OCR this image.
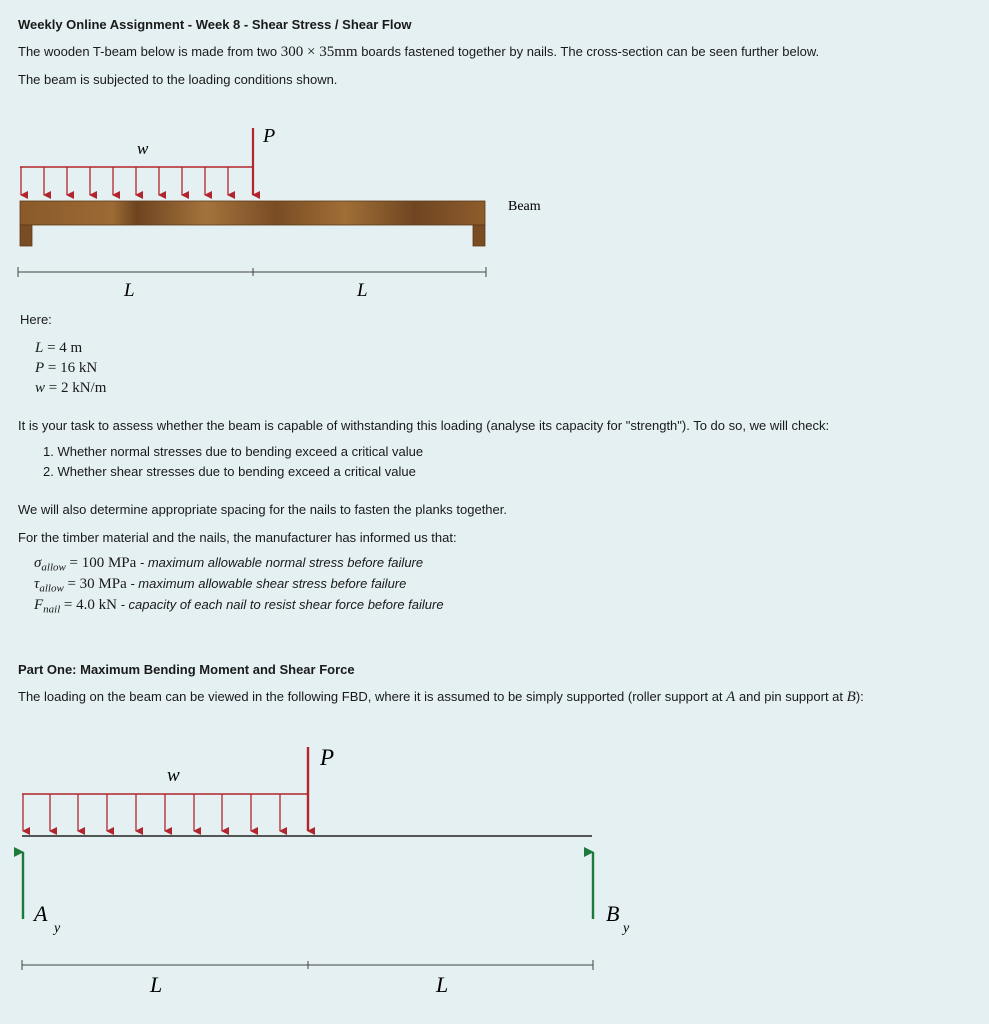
Weekly Online Assignment - Week 8 - Shear Stress / Shear Flow
The wooden T-beam below is made from two 300 × 35mm boards fastened together by nails. The cross-section can be seen further below.
The beam is subjected to the loading conditions shown.
w
P
Beam
L	L
Here:
L = 4 m
P = 16 kN
w = 2 kN/m
It is your task to assess whether the beam is capable of withstanding this loading (analyse its capacity for "strength"). To do so, we will check:
1. Whether normal stresses due to bending exceed a critical value
2. Whether shear stresses due to bending exceed a critical value
We will also determine appropriate spacing for the nails to fasten the planks together.
For the timber material and the nails, the manufacturer has informed us that:
$\sigma_{allow} = 100$ MPa - maximum allowable normal stress before failure
$\tau_{allow} = 30$ MPa - maximum allowable shear stress before failure
$F_{nail} = 4.0$ kN - capacity of each nail to resist shear force before failure
Part One: Maximum Bending Moment and Shear Force
The loading on the beam can be viewed in the following FBD, where it is assumed to be simply supported (roller support at A and pin support at B):
w
P
A
y
B
y
L	L
